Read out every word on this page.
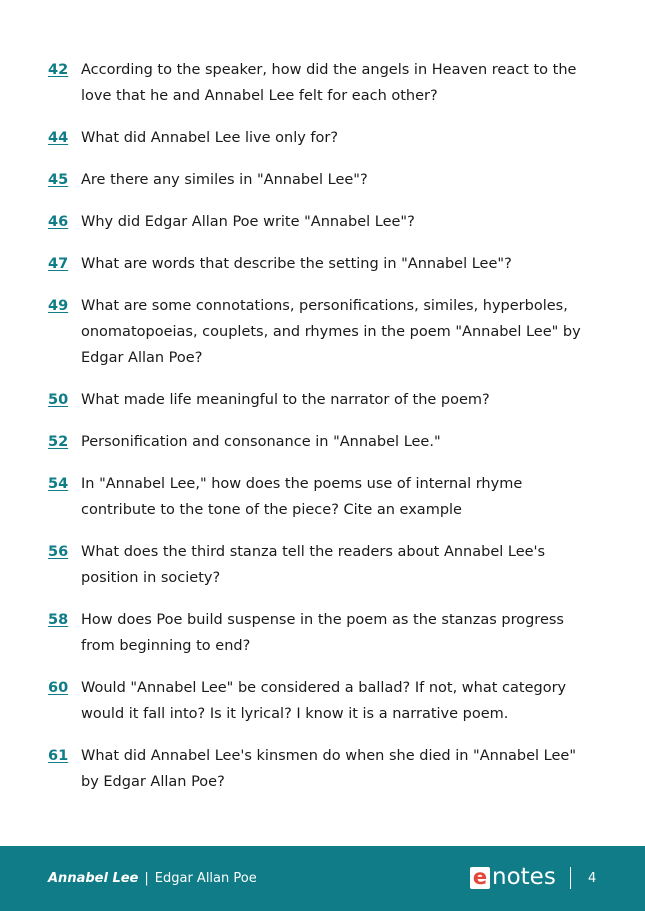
42 According to the speaker, how did the angels in Heaven react to the love that he and Annabel Lee felt for each other?
44 What did Annabel Lee live only for?
45 Are there any similes in "Annabel Lee"?
46 Why did Edgar Allan Poe write "Annabel Lee"?
47 What are words that describe the setting in "Annabel Lee"?
49 What are some connotations, personifications, similes, hyperboles, onomatopoeias, couplets, and rhymes in the poem "Annabel Lee" by Edgar Allan Poe?
50 What made life meaningful to the narrator of the poem?
52 Personification and consonance in "Annabel Lee."
54 In "Annabel Lee," how does the poems use of internal rhyme contribute to the tone of the piece? Cite an example
56 What does the third stanza tell the readers about Annabel Lee's position in society?
58 How does Poe build suspense in the poem as the stanzas progress from beginning to end?
60 Would "Annabel Lee" be considered a ballad? If not, what category would it fall into? Is it lyrical? I know it is a narrative poem.
61 What did Annabel Lee's kinsmen do when she died in "Annabel Lee" by Edgar Allan Poe?
Annabel Lee | Edgar Allan Poe	e notes 4
